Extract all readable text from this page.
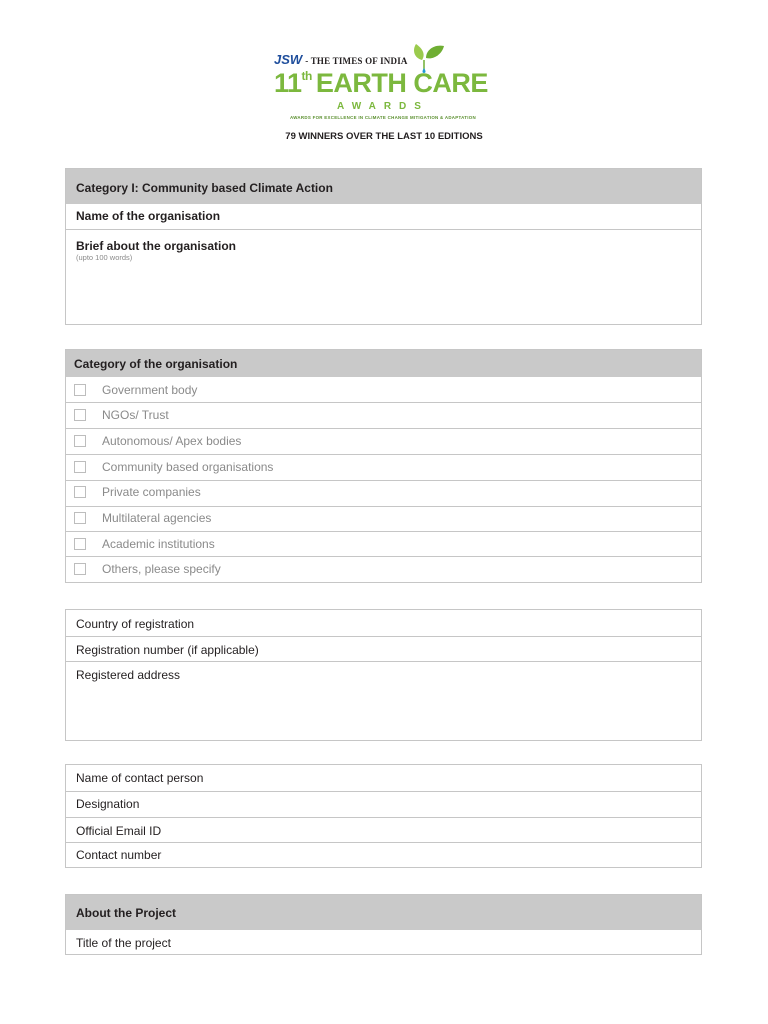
JSW - THE TIMES OF INDIA
11th EARTH CARE
AWARDS
AWARDS FOR EXCELLENCE IN CLIMATE CHANGE MITIGATION & ADAPTATION
79 WINNERS OVER THE LAST 10 EDITIONS
Category I: Community based Climate Action
Name of the organisation
Brief about the organisation
(upto 100 words)
Category of the organisation
Government body
NGOs/ Trust
Autonomous/ Apex bodies
Community based organisations
Private companies
Multilateral agencies
Academic institutions
Others, please specify
Country of registration
Registration number (if applicable)
Registered address
Name of contact person
Designation
Official Email ID
Contact number
About the Project
Title of the project
